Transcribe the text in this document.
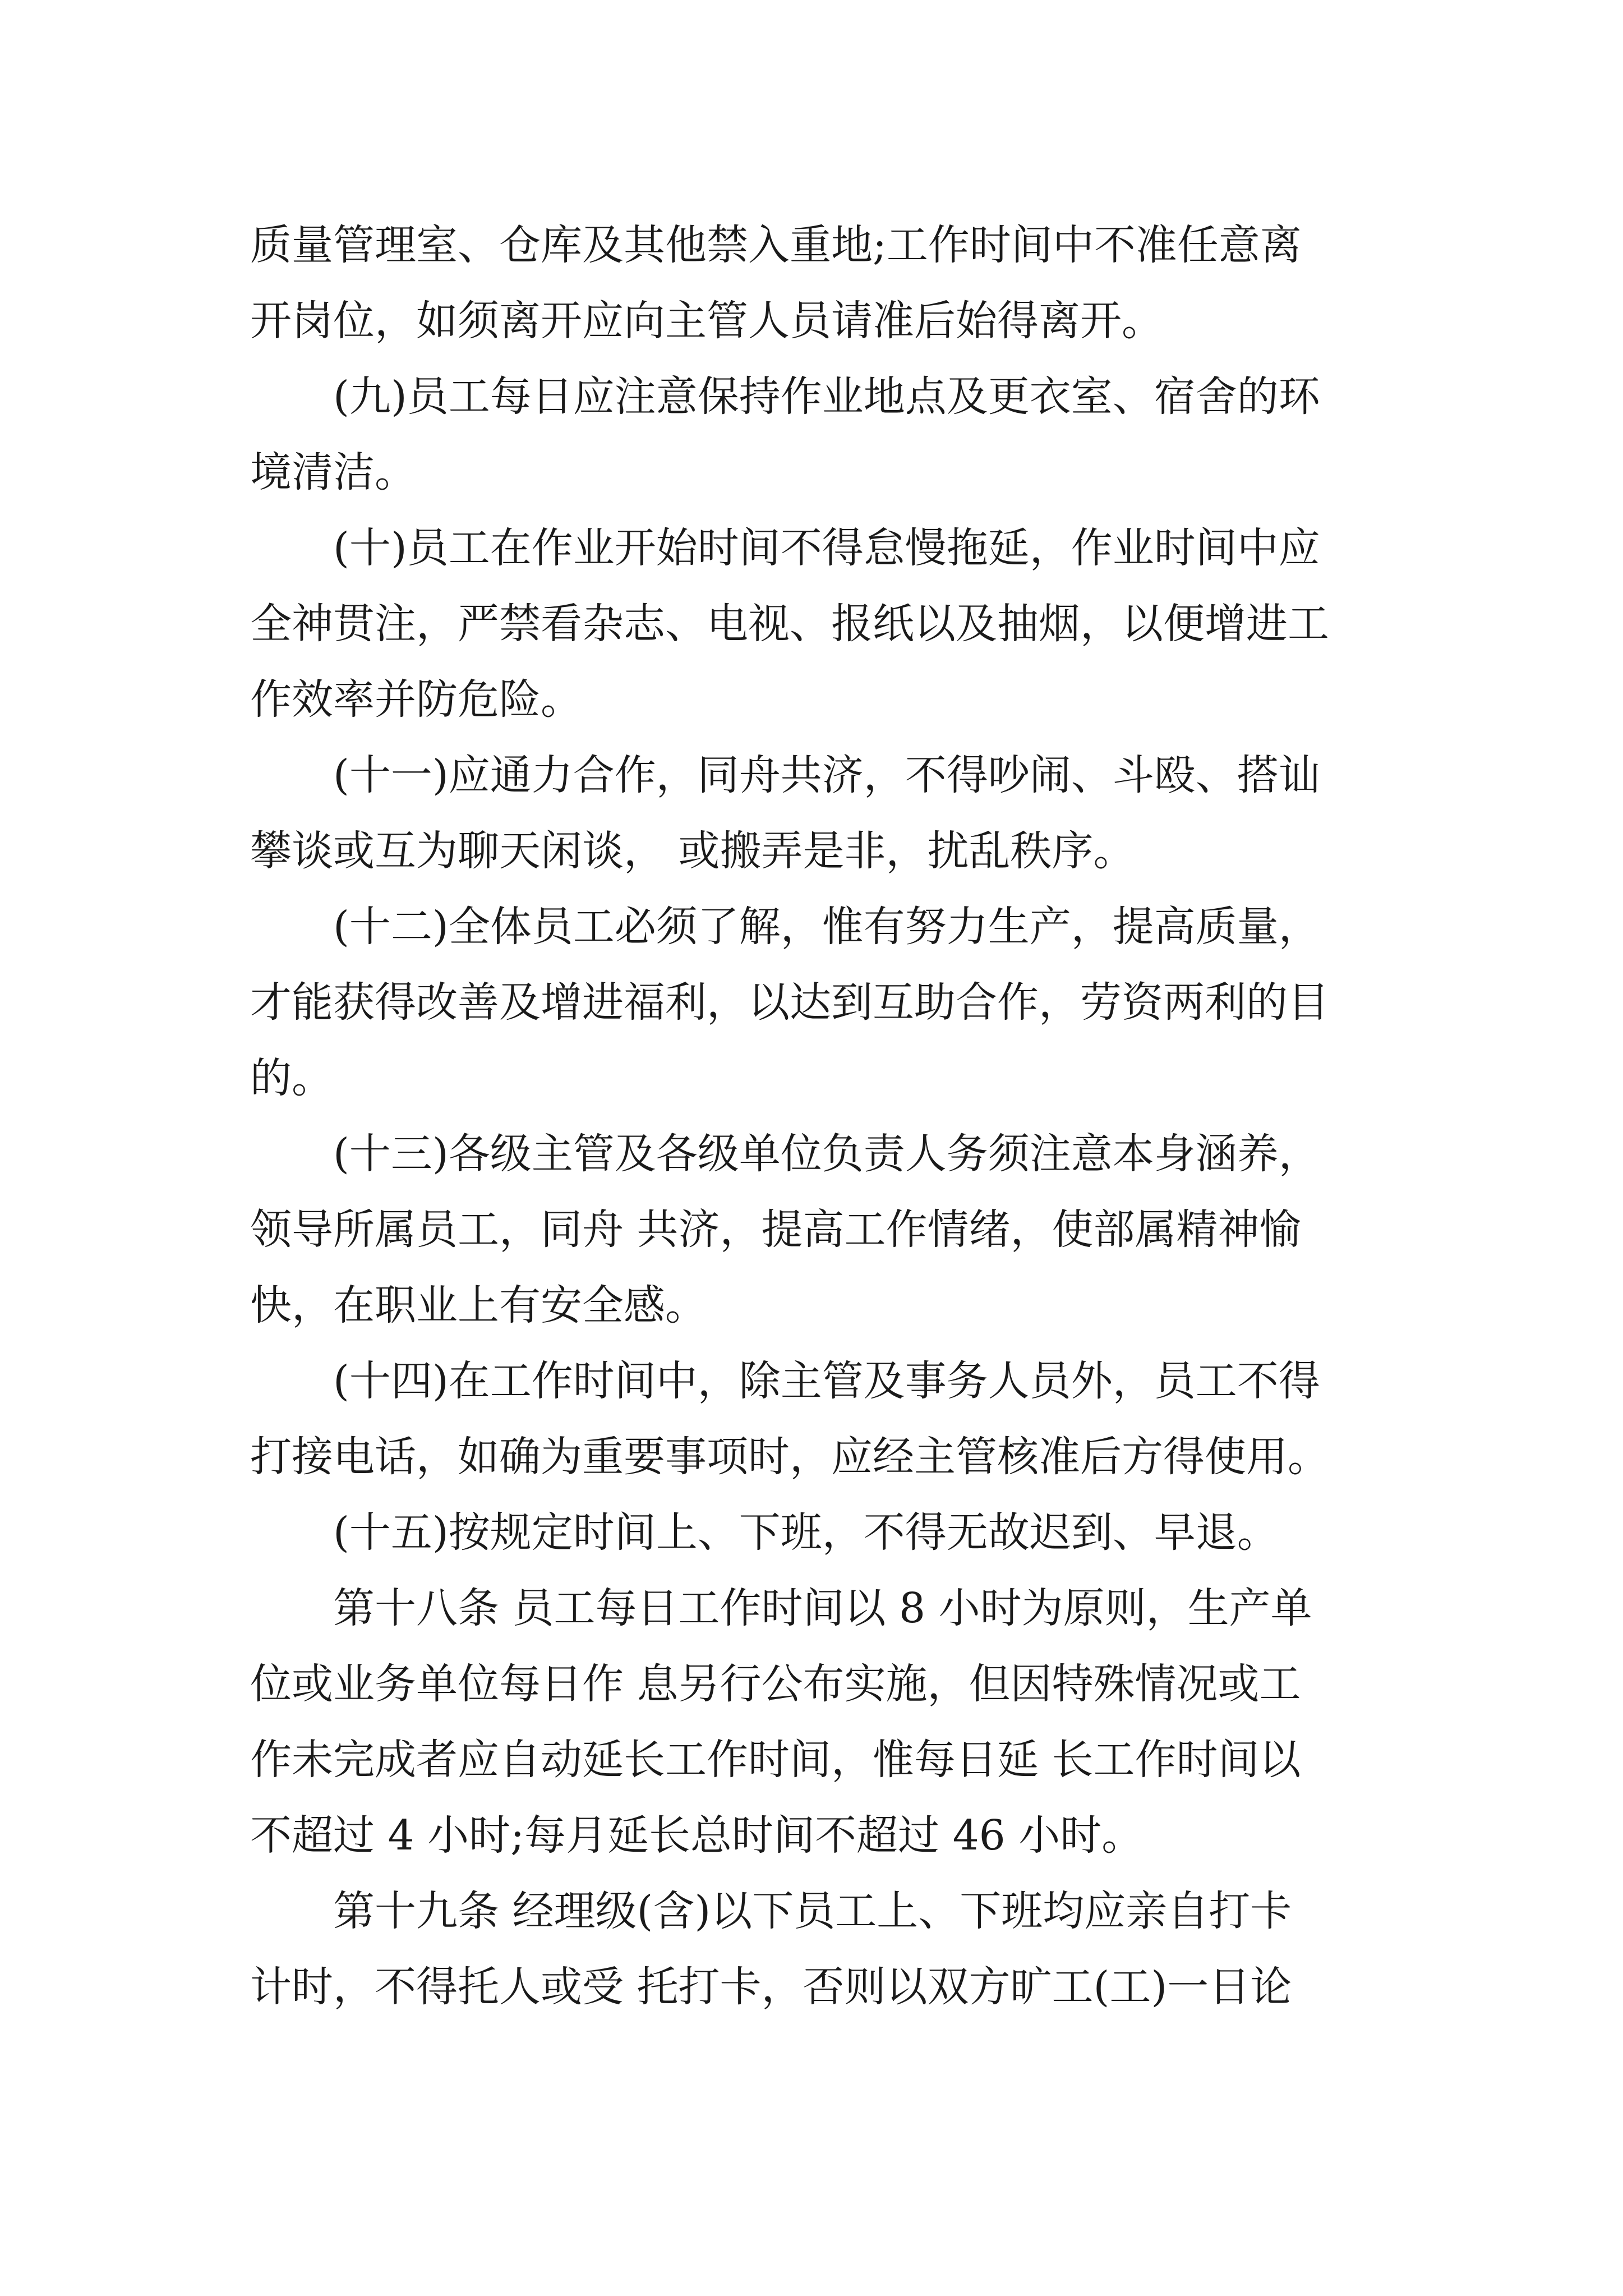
质量管理室、仓库及其他禁入重地;工作时间中不准任意离
开岗位，如须离开应向主管人员请准后始得离开。
(九)员工每日应注意保持作业地点及更衣室、宿舍的环
境清洁。
(十)员工在作业开始时间不得怠慢拖延，作业时间中应
全神贯注，严禁看杂志、电视、报纸以及抽烟，以便增进工
作效率并防危险。
(十一)应通力合作，同舟共济，不得吵闹、斗殴、搭讪
攀谈或互为聊天闲谈， 或搬弄是非，扰乱秩序。
(十二)全体员工必须了解，惟有努力生产，提高质量，
才能获得改善及增进福利，以达到互助合作，劳资两利的目
的。
(十三)各级主管及各级单位负责人务须注意本身涵养，
领导所属员工，同舟 共济，提高工作情绪，使部属精神愉
快，在职业上有安全感。
(十四)在工作时间中，除主管及事务人员外，员工不得
打接电话，如确为重要事项时，应经主管核准后方得使用。
(十五)按规定时间上、下班，不得无故迟到、早退。
第十八条 员工每日工作时间以 8 小时为原则，生产单
位或业务单位每日作 息另行公布实施，但因特殊情况或工
作未完成者应自动延长工作时间，惟每日延 长工作时间以
不超过 4 小时;每月延长总时间不超过 46 小时。
第十九条 经理级(含)以下员工上、下班均应亲自打卡
计时，不得托人或受 托打卡，否则以双方旷工(工)一日论
